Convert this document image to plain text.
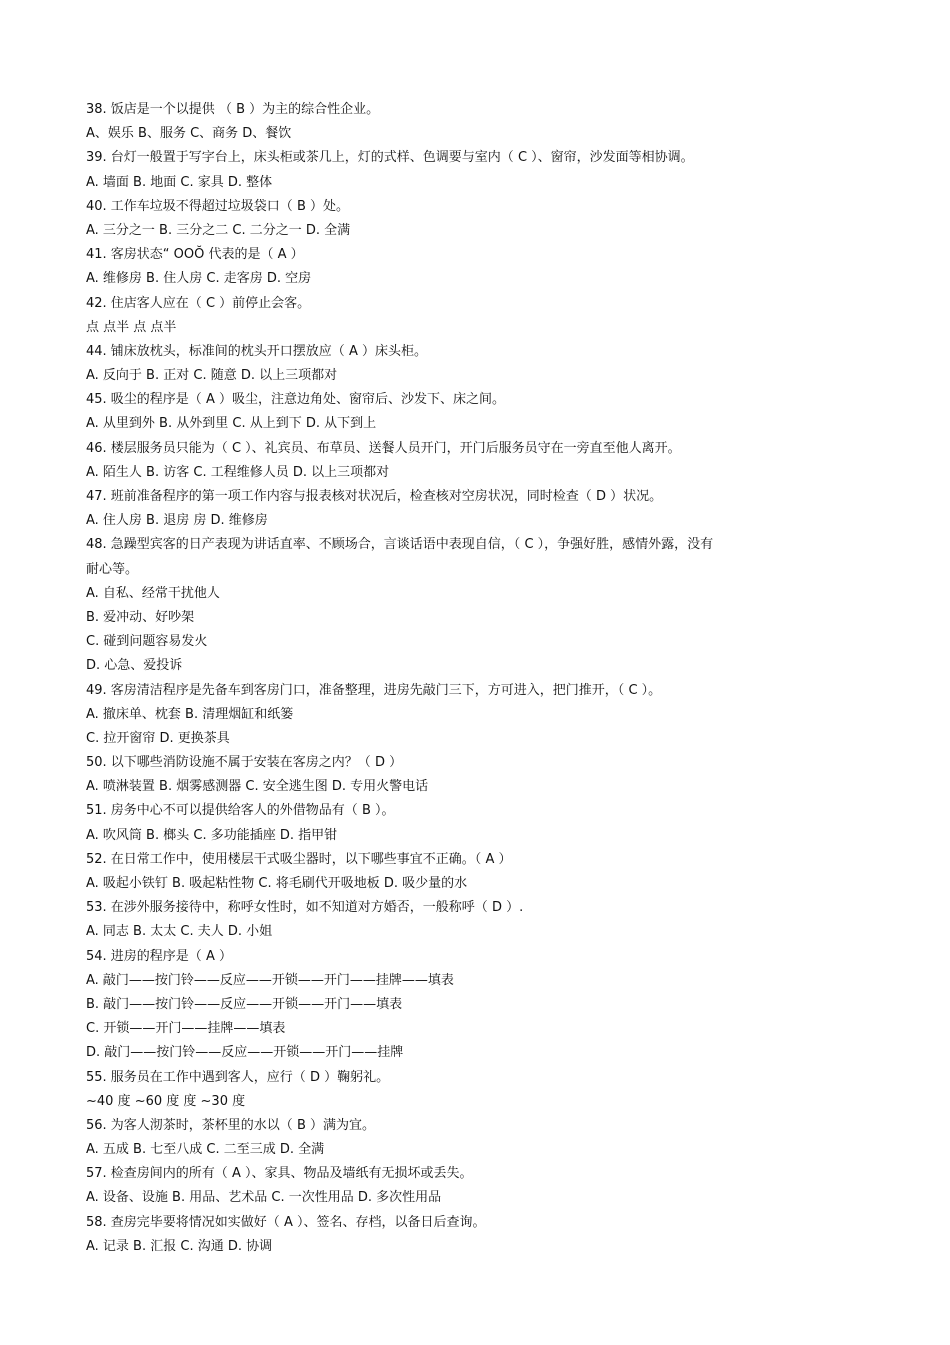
38. 饭店是一个以提供 （ B ）为主的综合性企业。
A、娱乐 B、服务 C、商务 D、餐饮
39. 台灯一般置于写字台上，床头柜或茶几上，灯的式样、色调要与室内（ C ）、窗帘，沙发面等相协调。
A. 墙面 B. 地面 C. 家具 D. 整体
40. 工作车垃圾不得超过垃圾袋口（ B ）处。
A. 三分之一 B. 三分之二 C. 二分之一 D. 全满
41. 客房状态“ OOŎ 代表的是（ A ）
A. 维修房 B. 住人房 C. 走客房 D. 空房
42. 住店客人应在（ C ）前停止会客。
点 点半 点 点半
44. 铺床放枕头，标准间的枕头开口摆放应（ A ）床头柜。
A. 反向于 B. 正对 C. 随意 D. 以上三项都对
45. 吸尘的程序是（ A ）吸尘，注意边角处、窗帘后、沙发下、床之间。
A. 从里到外 B. 从外到里 C. 从上到下 D. 从下到上
46. 楼层服务员只能为（ C ）、礼宾员、布草员、送餐人员开门，开门后服务员守在一旁直至他人离开。
A. 陌生人 B. 访客 C. 工程维修人员 D. 以上三项都对
47. 班前准备程序的第一项工作内容与报表核对状况后，检查核对空房状况，同时检查（ D ）状况。
A. 住人房 B. 退房 房 D. 维修房
48. 急躁型宾客的日产表现为讲话直率、不顾场合，言谈话语中表现自信，（ C ），争强好胜，感情外露，没有
耐心等。
A. 自私、经常干扰他人
B. 爱冲动、好吵架
C. 碰到问题容易发火
D. 心急、爱投诉
49. 客房清洁程序是先备车到客房门口，准备整理，进房先敲门三下，方可进入，把门推开，（ C ）。
A. 撤床单、枕套 B. 清理烟缸和纸篓
C. 拉开窗帘 D. 更换茶具
50. 以下哪些消防设施不属于安装在客房之内？（ D ）
A. 喷淋装置 B. 烟雾感测器 C. 安全逃生图 D. 专用火警电话
51. 房务中心不可以提供给客人的外借物品有（ B ）。
A. 吹风筒 B. 榔头 C. 多功能插座 D. 指甲钳
52. 在日常工作中，使用楼层干式吸尘器时，以下哪些事宜不正确。（ A ）
A. 吸起小铁钉 B. 吸起粘性物 C. 将毛刷代开吸地板 D. 吸少量的水
53. 在涉外服务接待中，称呼女性时，如不知道对方婚否，一般称呼（ D ）.
A. 同志 B. 太太 C. 夫人 D. 小姐
54. 进房的程序是（ A ）
A. 敲门——按门铃——反应——开锁——开门——挂牌——填表
B. 敲门——按门铃——反应——开锁——开门——填表
C. 开锁——开门——挂牌——填表
D. 敲门——按门铃——反应——开锁——开门——挂牌
55. 服务员在工作中遇到客人，应行（ D ）鞠躬礼。
~40 度 ~60 度 度 ~30 度
56. 为客人沏茶时，茶杯里的水以（ B ）满为宜。
A. 五成 B. 七至八成 C. 二至三成 D. 全满
57. 检查房间内的所有（ A ）、家具、物品及墙纸有无损坏或丢失。
A. 设备、设施 B. 用品、艺术品 C. 一次性用品 D. 多次性用品
58. 查房完毕要将情况如实做好（ A ）、签名、存档，以备日后查询。
A. 记录 B. 汇报 C. 沟通 D. 协调
